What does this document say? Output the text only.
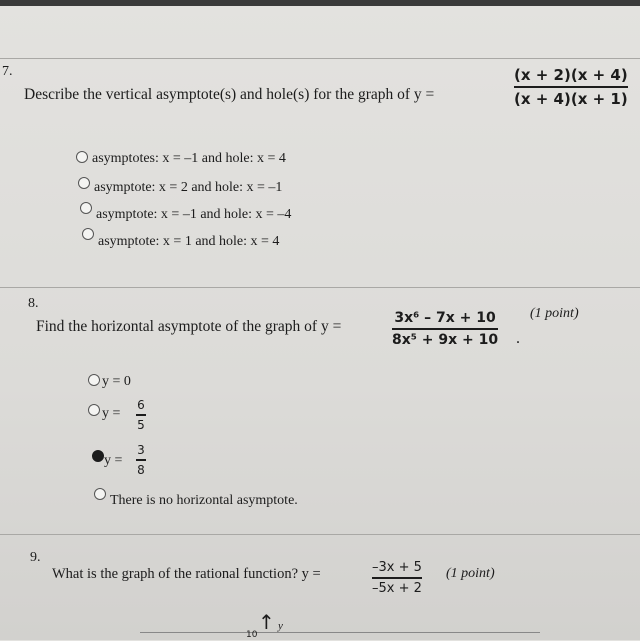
7.
Describe the vertical asymptote(s) and hole(s) for the graph of y =
(x + 2)(x + 4)
(x + 4)(x + 1)
asymptotes: x = –1 and hole: x = 4
asymptote: x = 2 and hole: x = –1
asymptote: x = –1 and hole: x = –4
asymptote: x = 1 and hole: x = 4
8.
Find the horizontal asymptote of the graph of y =	3x⁶ – 7x + 10
8x⁵ + 9x + 10 .
(1 point)
y = 0
y =
6
5
y =
3
8
There is no horizontal asymptote.
9.
What is the graph of the rational function? y =	–3x + 5
–5x + 2
(1 point)
10
↑ y
